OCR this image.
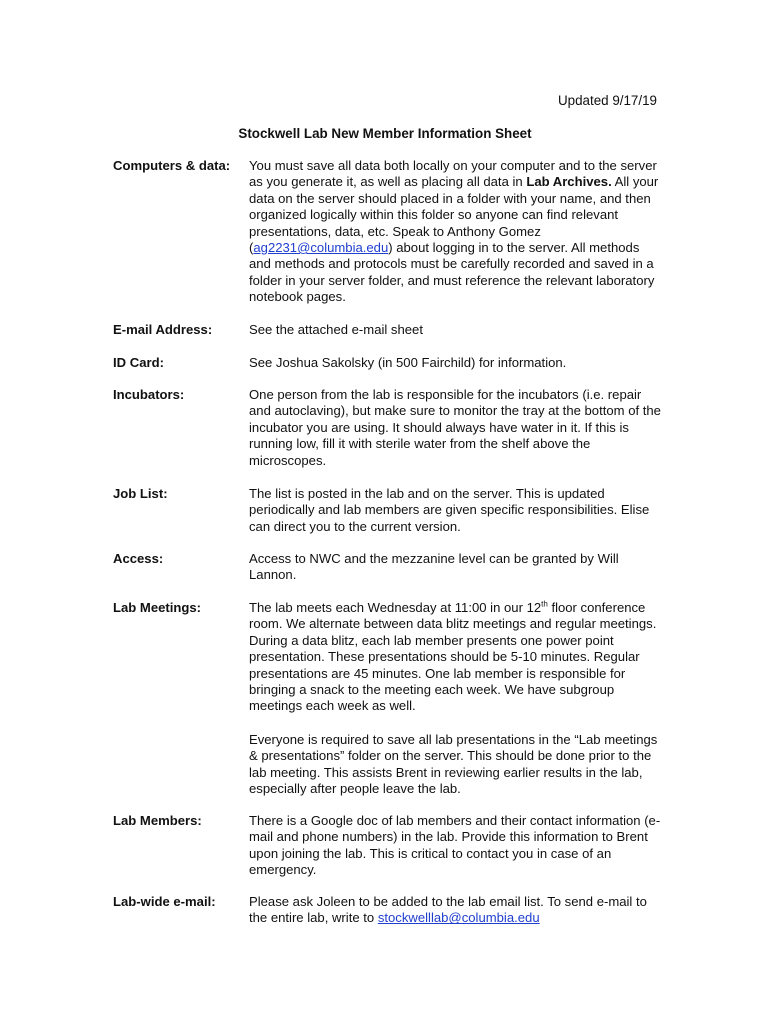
Updated 9/17/19
Stockwell Lab New Member Information Sheet
Computers & data:	You must save all data both locally on your computer and to the server as you generate it, as well as placing all data in Lab Archives. All your data on the server should placed in a folder with your name, and then organized logically within this folder so anyone can find relevant presentations, data, etc. Speak to Anthony Gomez (ag2231@columbia.edu) about logging in to the server. All methods and methods and protocols must be carefully recorded and saved in a folder in your server folder, and must reference the relevant laboratory notebook pages.

E-mail Address:	See the attached e-mail sheet

ID Card:	See Joshua Sakolsky (in 500 Fairchild) for information.

Incubators:	One person from the lab is responsible for the incubators (i.e. repair and autoclaving), but make sure to monitor the tray at the bottom of the incubator you are using. It should always have water in it. If this is running low, fill it with sterile water from the shelf above the microscopes.

Job List:	The list is posted in the lab and on the server. This is updated periodically and lab members are given specific responsibilities. Elise can direct you to the current version.

Access:	Access to NWC and the mezzanine level can be granted by Will Lannon.

Lab Meetings:	The lab meets each Wednesday at 11:00 in our 12th floor conference room. We alternate between data blitz meetings and regular meetings. During a data blitz, each lab member presents one power point presentation. These presentations should be 5-10 minutes. Regular presentations are 45 minutes. One lab member is responsible for bringing a snack to the meeting each week. We have subgroup meetings each week as well.

Everyone is required to save all lab presentations in the “Lab meetings & presentations” folder on the server. This should be done prior to the lab meeting. This assists Brent in reviewing earlier results in the lab, especially after people leave the lab.

Lab Members:	There is a Google doc of lab members and their contact information (e-mail and phone numbers) in the lab. Provide this information to Brent upon joining the lab. This is critical to contact you in case of an emergency.

Lab-wide e-mail:	Please ask Joleen to be added to the lab email list. To send e-mail to the entire lab, write to stockwelllab@columbia.edu
